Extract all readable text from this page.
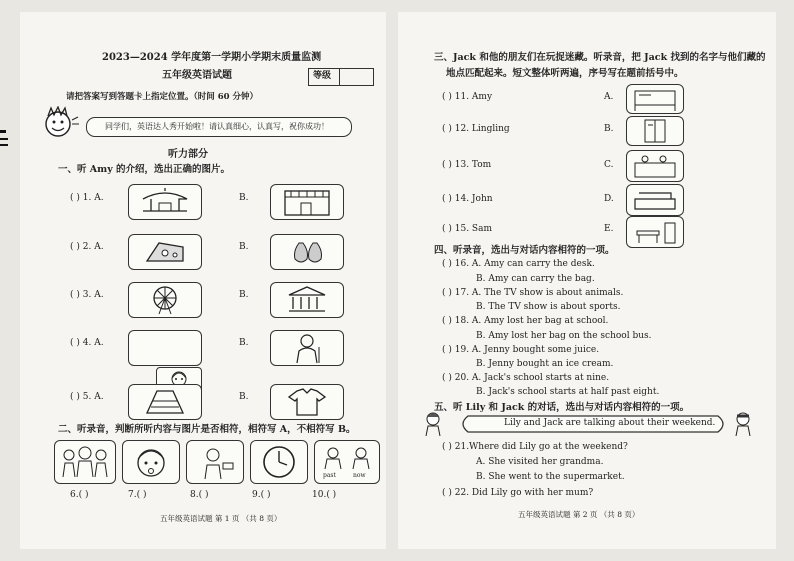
2023—2024 学年度第一学期小学期末质量监测
五年级英语试题	等级
请把答案写到答题卡上指定位置。（时间 60 分钟）
同学们，英语达人秀开始啦！请认真细心，认真写，祝你成功！
听力部分
一、听 Amy 的介绍，选出正确的图片。
( ) 1. A.	B.
( ) 2. A.	B.
( ) 3. A.	B.
( ) 4. A.	B.
( ) 5. A.	B.
二、听录音，判断所听内容与图片是否相符，相符写 A，不相符写 B。
past	now
6.( )	7.( )	8.( )	9.( )	10.( )
五年级英语试题 第 1 页 （共 8 页）
三、Jack 和他的朋友们在玩捉迷藏。听录音，把 Jack 找到的名字与他们藏的
地点匹配起来。短文整体听两遍，序号写在题前括号中。
( ) 11. Amy	A.
( ) 12. Lingling	B.
( ) 13. Tom	C.
( ) 14. John	D.
( ) 15. Sam	E.
四、听录音，选出与对话内容相符的一项。
( ) 16. A. Amy can carry the desk.
B. Amy can carry the bag.
( ) 17. A. The TV show is about animals.
B. The TV show is about sports.
( ) 18. A. Amy lost her bag at school.
B. Amy lost her bag on the school bus.
( ) 19. A. Jenny bought some juice.
B. Jenny bought an ice cream.
( ) 20. A. Jack's school starts at nine.
B. Jack's school starts at half past eight.
五、听 Lily 和 Jack 的对话，选出与对话内容相符的一项。
Lily and Jack are talking about their weekend.
( ) 21.Where did Lily go at the weekend?
A. She visited her grandma.
B. She went to the supermarket.
( ) 22. Did Lily go with her mum?
五年级英语试题 第 2 页 （共 8 页）
